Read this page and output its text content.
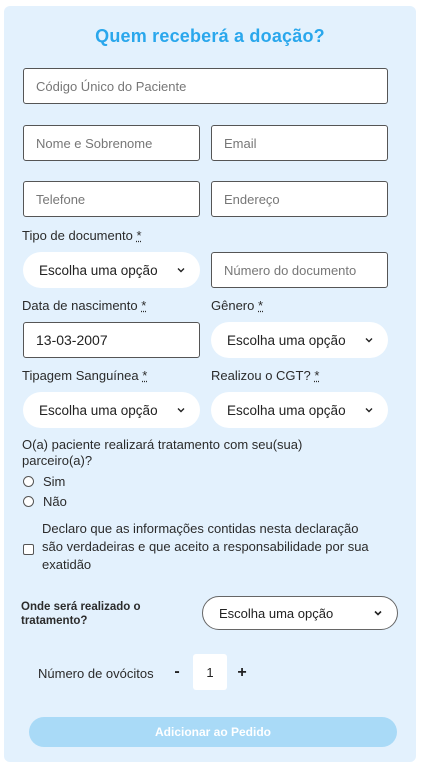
Quem receberá a doação?
Código Único do Paciente
Nome e Sobrenome	Email
Telefone	Endereço
Tipo de documento *
Escolha uma opção	Número do documento
Data de nascimento *	Gênero *
13-03-2007	Escolha uma opção
Tipagem Sanguínea *	Realizou o CGT? *
Escolha uma opção	Escolha uma opção
O(a) paciente realizará tratamento com seu(sua)
parceiro(a)?
Sim
Não
Declaro que as informações contidas nesta declaração
são verdadeiras e que aceito a responsabilidade por sua
exatidão
Onde será realizado o
tratamento?
Escolha uma opção
Número de ovócitos -	1 +
Adicionar ao Pedido
